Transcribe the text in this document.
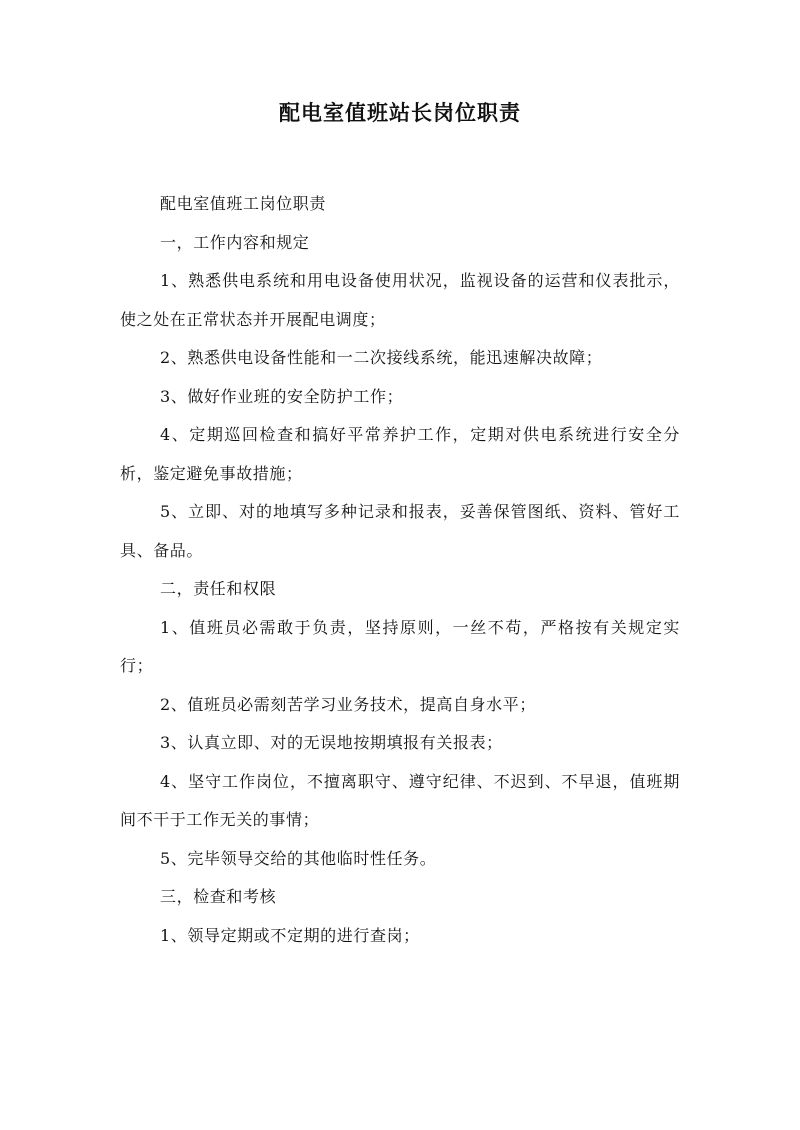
配电室值班站长岗位职责

配电室值班工岗位职责

一，工作内容和规定

1、熟悉供电系统和用电设备使用状况，监视设备的运营和仪表批示，使之处在正常状态并开展配电调度；

2、熟悉供电设备性能和一二次接线系统，能迅速解决故障；

3、做好作业班的安全防护工作；

4、定期巡回检查和搞好平常养护工作，定期对供电系统进行安全分析，鉴定避免事故措施；

5、立即、对的地填写多种记录和报表，妥善保管图纸、资料、管好工具、备品。

二，责任和权限

1、值班员必需敢于负责，坚持原则，一丝不苟，严格按有关规定实行；

2、值班员必需刻苦学习业务技术，提高自身水平；

3、认真立即、对的无误地按期填报有关报表；

4、坚守工作岗位，不擅离职守、遵守纪律、不迟到、不早退，值班期间不干于工作无关的事情；

5、完毕领导交给的其他临时性任务。

三，检查和考核

1、领导定期或不定期的进行查岗；
